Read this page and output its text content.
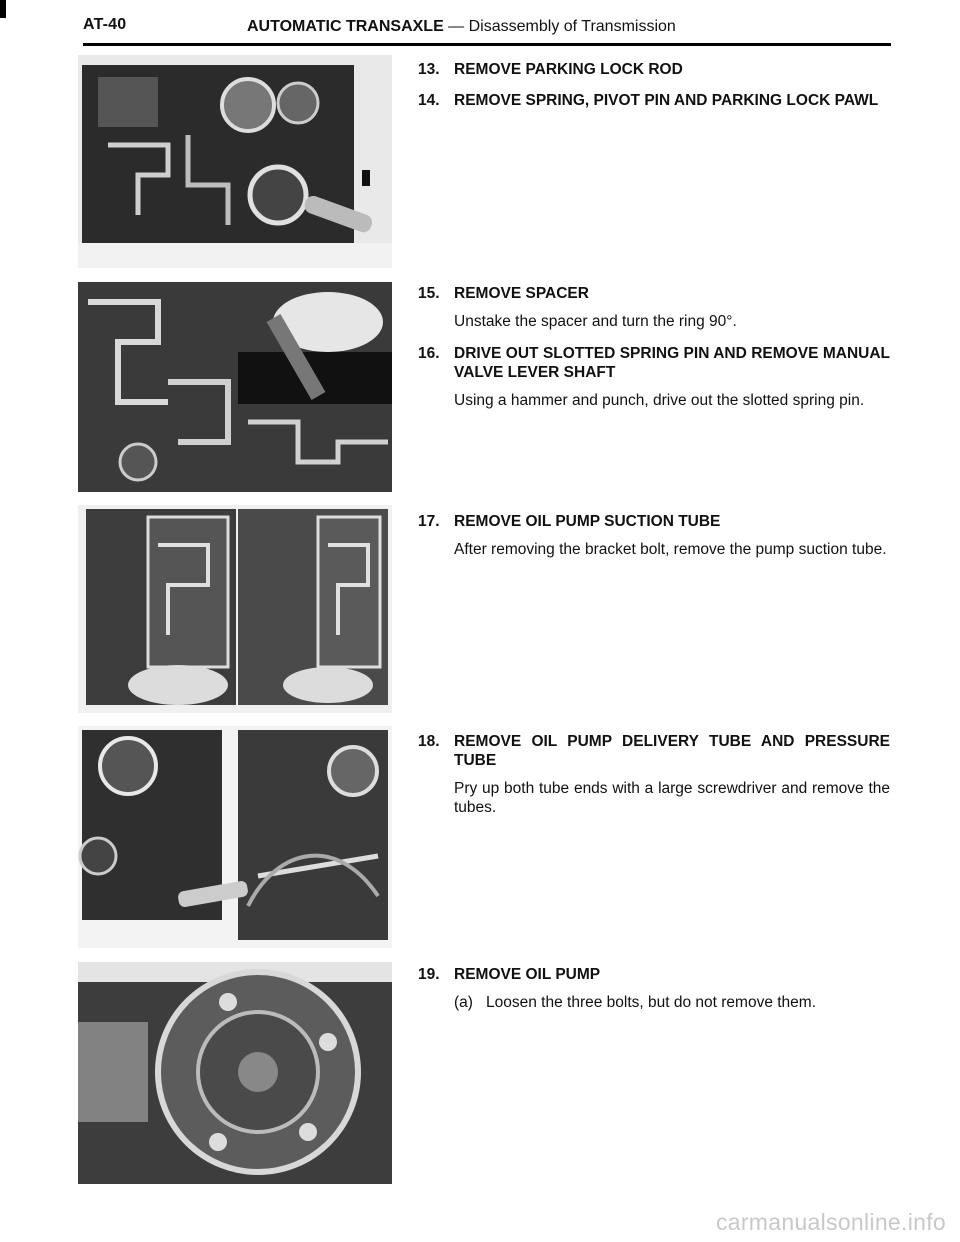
AT-40	AUTOMATIC TRANSAXLE — Disassembly of Transmission
13. REMOVE PARKING LOCK ROD
14. REMOVE SPRING, PIVOT PIN AND PARKING LOCK PAWL
15. REMOVE SPACER
Unstake the spacer and turn the ring 90°.
16. DRIVE OUT SLOTTED SPRING PIN AND REMOVE MANUAL VALVE LEVER SHAFT
Using a hammer and punch, drive out the slotted spring pin.
17. REMOVE OIL PUMP SUCTION TUBE
After removing the bracket bolt, remove the pump suction tube.
18. REMOVE OIL PUMP DELIVERY TUBE AND PRESSURE TUBE
Pry up both tube ends with a large screwdriver and remove the tubes.
19. REMOVE OIL PUMP
(a) Loosen the three bolts, but do not remove them.
carmanualsonline.info
